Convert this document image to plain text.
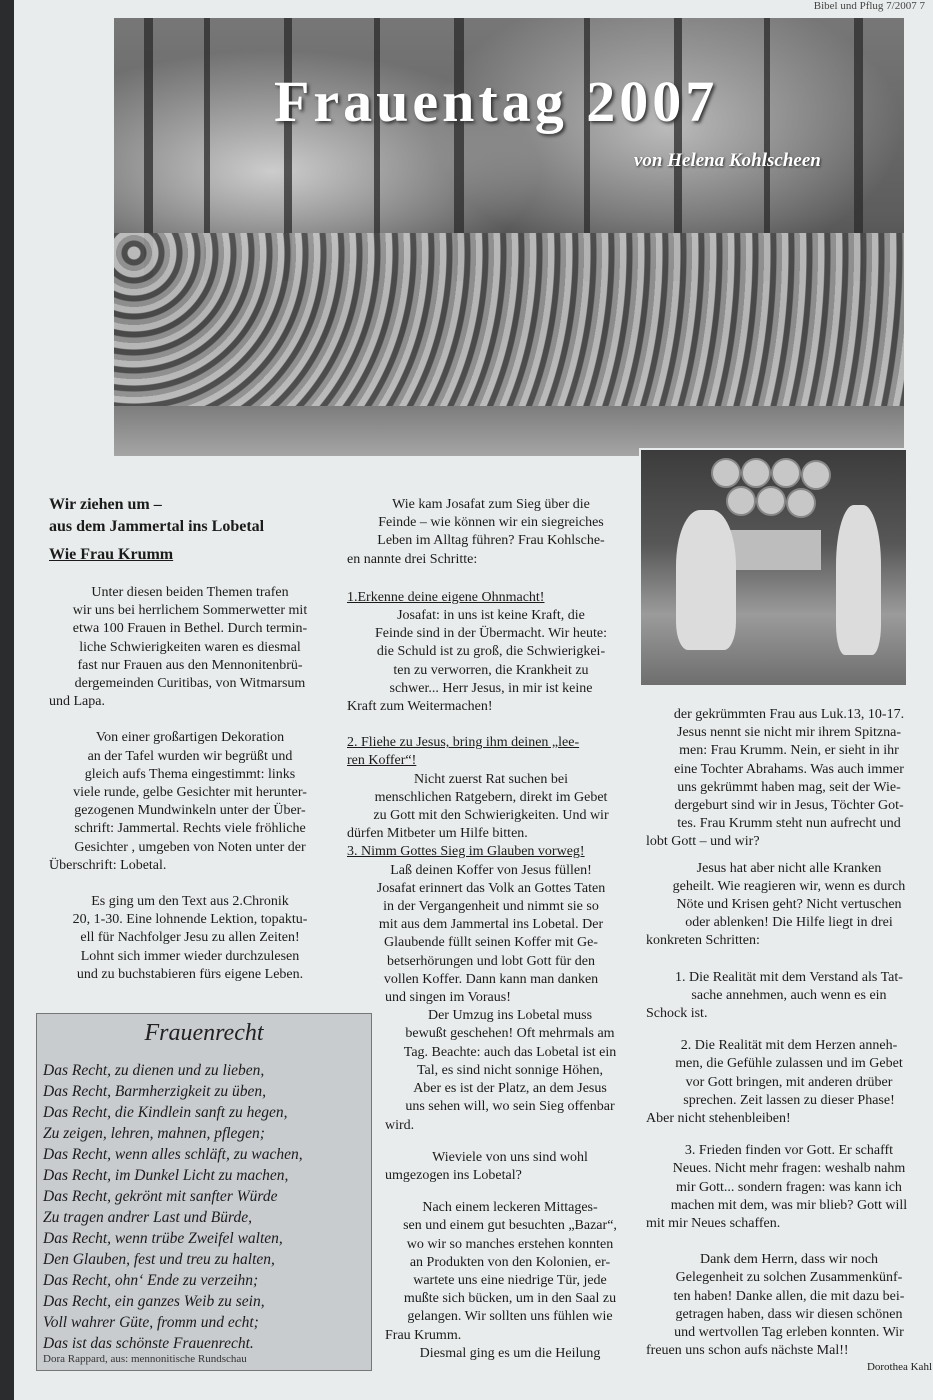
Bibel und Pflug 7/2007 7
Frauentag 2007
von Helena Kohlscheen

Wir ziehen um –

aus dem Jammertal ins Lobetal

Wie Frau Krumm

Unter diesen beiden Themen trafen

wir uns bei herrlichem Sommerwetter mit

etwa 100 Frauen in Bethel. Durch termin-

liche Schwierigkeiten waren es diesmal

fast nur Frauen aus den Mennonitenbrü-

dergemeinden Curitibas, von Witmarsum

und Lapa.

Von einer großartigen Dekoration

an der Tafel wurden wir begrüßt und

gleich aufs Thema eingestimmt: links

viele runde, gelbe Gesichter mit herunter-

gezogenen Mundwinkeln unter der Über-

schrift: Jammertal. Rechts viele fröhliche

Gesichter , umgeben von Noten unter der

Überschrift: Lobetal.

Es ging um den Text aus 2.Chronik

20, 1-30. Eine lohnende Lektion, topaktu-

ell für Nachfolger Jesu zu allen Zeiten!

Lohnt sich immer wieder durchzulesen

und zu buchstabieren fürs eigene Leben.

Wie kam Josafat zum Sieg über die

Feinde – wie können wir ein siegreiches

Leben im Alltag führen? Frau Kohlsche-

en nannte drei Schritte:

1.Erkenne deine eigene Ohnmacht!

Josafat: in uns ist keine Kraft, die

Feinde sind in der Übermacht. Wir heute:

die Schuld ist zu groß, die Schwierigkei-

ten zu verworren, die Krankheit zu

schwer... Herr Jesus, in mir ist keine

Kraft zum Weitermachen!

2. Fliehe zu Jesus, bring ihm deinen „lee-

ren Koffer“!

Nicht zuerst Rat suchen bei

menschlichen Ratgebern, direkt im Gebet

zu Gott mit den Schwierigkeiten. Und wir

dürfen Mitbeter um Hilfe bitten.

3. Nimm Gottes Sieg im Glauben vorweg!

Laß deinen Koffer von Jesus füllen!

Josafat erinnert das Volk an Gottes Taten

in der Vergangenheit und nimmt sie so

mit aus dem Jammertal ins Lobetal. Der

Glaubende füllt seinen Koffer mit Ge-

betserhörungen und lobt Gott für den

vollen Koffer. Dann kann man danken

und singen im Voraus!

Der Umzug ins Lobetal muss

bewußt geschehen! Oft mehrmals am

Tag. Beachte: auch das Lobetal ist ein

Tal, es sind nicht sonnige Höhen,

Aber es ist der Platz, an dem Jesus

uns sehen will, wo sein Sieg offenbar

wird.

Wieviele von uns sind wohl

umgezogen ins Lobetal?

Nach einem leckeren Mittages-

sen und einem gut besuchten „Bazar“,

wo wir so manches erstehen konnten

an Produkten von den Kolonien, er-

wartete uns eine niedrige Tür, jede

mußte sich bücken, um in den Saal zu

gelangen. Wir sollten uns fühlen wie

Frau Krumm.

Diesmal ging es um die Heilung

der gekrümmten Frau aus Luk.13, 10-17.

Jesus nennt sie nicht mir ihrem Spitzna-

men: Frau Krumm. Nein, er sieht in ihr

eine Tochter Abrahams. Was auch immer

uns gekrümmt haben mag, seit der Wie-

dergeburt sind wir in Jesus, Töchter Got-

tes. Frau Krumm steht nun aufrecht und

lobt Gott – und wir?

Jesus hat aber nicht alle Kranken

geheilt. Wie reagieren wir, wenn es durch

Nöte und Krisen geht? Nicht vertuschen

oder ablenken! Die Hilfe liegt in drei

konkreten Schritten:

1. Die Realität mit dem Verstand als Tat-

sache annehmen, auch wenn es ein

Schock ist.

2. Die Realität mit dem Herzen anneh-

men, die Gefühle zulassen und im Gebet

vor Gott bringen, mit anderen drüber

sprechen. Zeit lassen zu dieser Phase!

Aber nicht stehenbleiben!

3. Frieden finden vor Gott. Er schafft

Neues. Nicht mehr fragen: weshalb nahm

mir Gott... sondern fragen: was kann ich

machen mit dem, was mir blieb? Gott will

mit mir Neues schaffen.

Dank dem Herrn, dass wir noch

Gelegenheit zu solchen Zusammenkünf-

ten haben! Danke allen, die mit dazu bei-

getragen haben, dass wir diesen schönen

und wertvollen Tag erleben konnten. Wir

freuen uns schon aufs nächste Mal!!

Dorothea Kahl

Frauenrecht
Das Recht, zu dienen und zu lieben,
Das Recht, Barmherzigkeit zu üben,
Das Recht, die Kindlein sanft zu hegen,
Zu zeigen, lehren, mahnen, pflegen;
Das Recht, wenn alles schläft, zu wachen,
Das Recht, im Dunkel Licht zu machen,
Das Recht, gekrönt mit sanfter Würde
Zu tragen andrer Last und Bürde,
Das Recht, wenn trübe Zweifel walten,
Den Glauben, fest und treu zu halten,
Das Recht, ohn‘ Ende zu verzeihn;
Das Recht, ein ganzes Weib zu sein,
Voll wahrer Güte, fromm und echt;
Das ist das schönste Frauenrecht.
Dora Rappard, aus: mennonitische Rundschau
